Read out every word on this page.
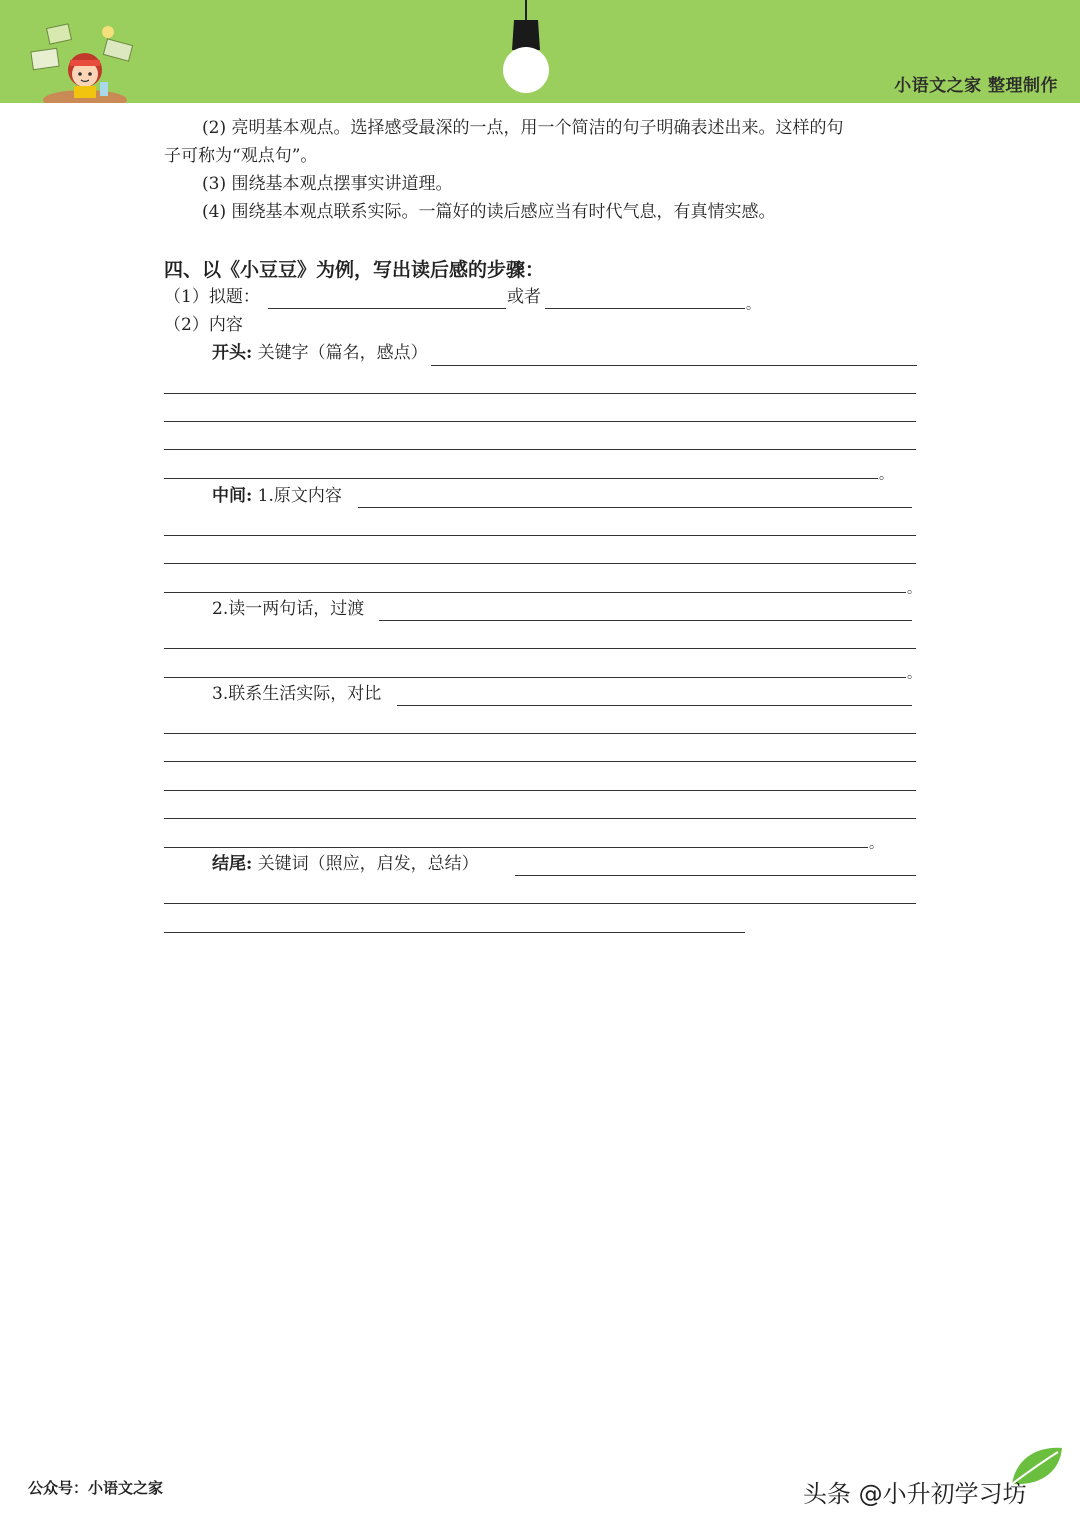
小语文之家 整理制作
(2) 亮明基本观点。选择感受最深的一点，用一个简洁的句子明确表述出来。这样的句
子可称为“观点句”。
(3) 围绕基本观点摆事实讲道理。
(4) 围绕基本观点联系实际。一篇好的读后感应当有时代气息，有真情实感。
四、以《小豆豆》为例，写出读后感的步骤：
（1）拟题：	或者	。
（2）内容
开头: 关键字（篇名，感点）
。
中间: 1.原文内容
。
2.读一两句话，过渡
。
3.联系生活实际，对比
。
结尾: 关键词（照应，启发，总结）
公众号：小语文之家	头条 @小升初学习坊
